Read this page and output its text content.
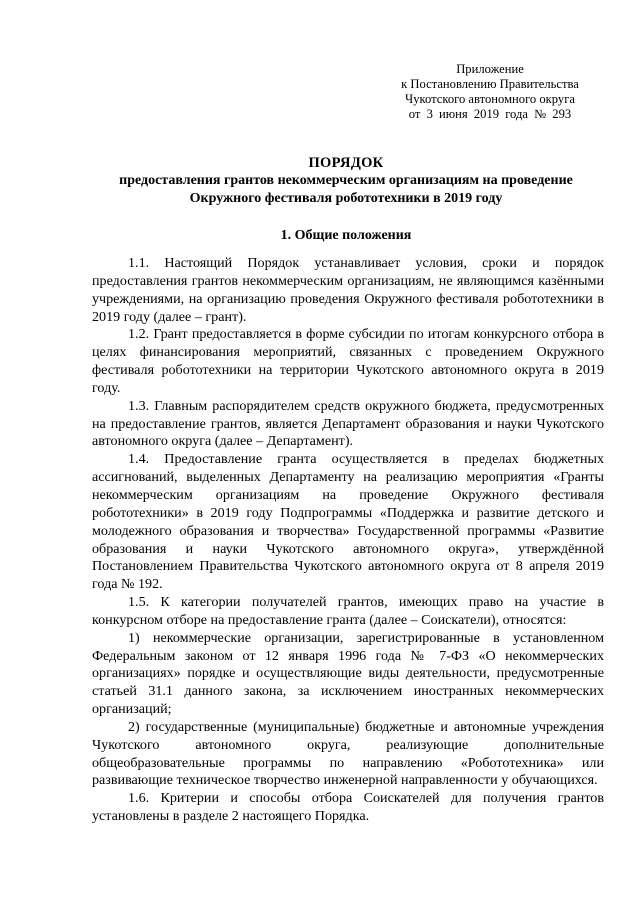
Приложение
к Постановлению Правительства
Чукотского автономного округа
от 3 июня 2019 года № 293
ПОРЯДОК
предоставления грантов некоммерческим организациям на проведение
Окружного фестиваля робототехники в 2019 году
1. Общие положения

1.1. Настоящий Порядок устанавливает условия, сроки и порядок предоставления грантов некоммерческим организациям, не являющимся казёнными учреждениями, на организацию проведения Окружного фестиваля робототехники в 2019 году (далее – грант).

1.2. Грант предоставляется в форме субсидии по итогам конкурсного отбора в целях финансирования мероприятий, связанных с проведением Окружного фестиваля робототехники на территории Чукотского автономного округа в 2019 году.

1.3. Главным распорядителем средств окружного бюджета, предусмотренных на предоставление грантов, является Департамент образования и науки Чукотского автономного округа (далее – Департамент).

1.4. Предоставление гранта осуществляется в пределах бюджетных ассигнований, выделенных Департаменту на реализацию мероприятия «Гранты некоммерческим организациям на проведение Окружного фестиваля робототехники» в 2019 году Подпрограммы «Поддержка и развитие детского и молодежного образования и творчества» Государственной программы «Развитие образования и науки Чукотского автономного округа», утверждённой Постановлением Правительства Чукотского автономного округа от 8 апреля 2019 года № 192.

1.5. К категории получателей грантов, имеющих право на участие в конкурсном отборе на предоставление гранта (далее – Соискатели), относятся:

1) некоммерческие организации, зарегистрированные в установленном Федеральным законом от 12 января 1996 года № 7-ФЗ «О некоммерческих организациях» порядке и осуществляющие виды деятельности, предусмотренные статьей 31.1 данного закона, за исключением иностранных некоммерческих организаций;

2) государственные (муниципальные) бюджетные и автономные учреждения Чукотского автономного округа, реализующие дополнительные общеобразовательные программы по направлению «Робототехника» или развивающие техническое творчество инженерной направленности у обучающихся.

1.6. Критерии и способы отбора Соискателей для получения грантов установлены в разделе 2 настоящего Порядка.
